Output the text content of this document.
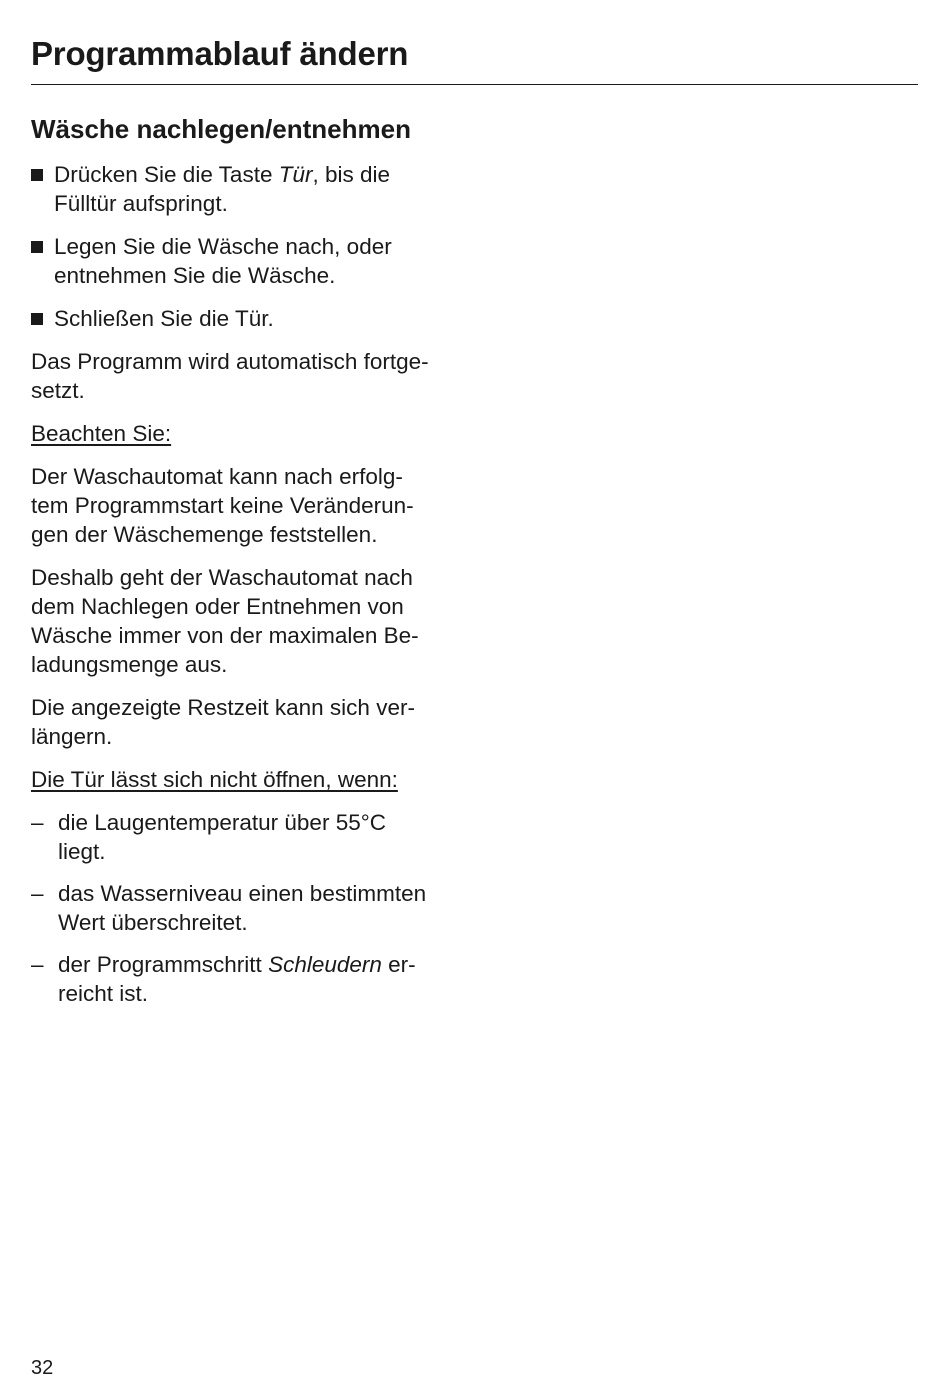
Programmablauf ändern
Wäsche nachlegen/entnehmen
Drücken Sie die Taste Tür, bis die
Fülltür aufspringt.
Legen Sie die Wäsche nach, oder
entnehmen Sie die Wäsche.
Schließen Sie die Tür.

Das Programm wird automatisch fortge-
setzt.

Beachten Sie:

Der Waschautomat kann nach erfolg-
tem Programmstart keine Veränderun-
gen der Wäschemenge feststellen.

Deshalb geht der Waschautomat nach
dem Nachlegen oder Entnehmen von
Wäsche immer von der maximalen Be-
ladungsmenge aus.

Die angezeigte Restzeit kann sich ver-
längern.

Die Tür lässt sich nicht öffnen, wenn:

– die Laugentemperatur über 55°C
liegt.
– das Wasserniveau einen bestimmten
Wert überschreitet.
– der Programmschritt Schleudern er-
reicht ist.
32
